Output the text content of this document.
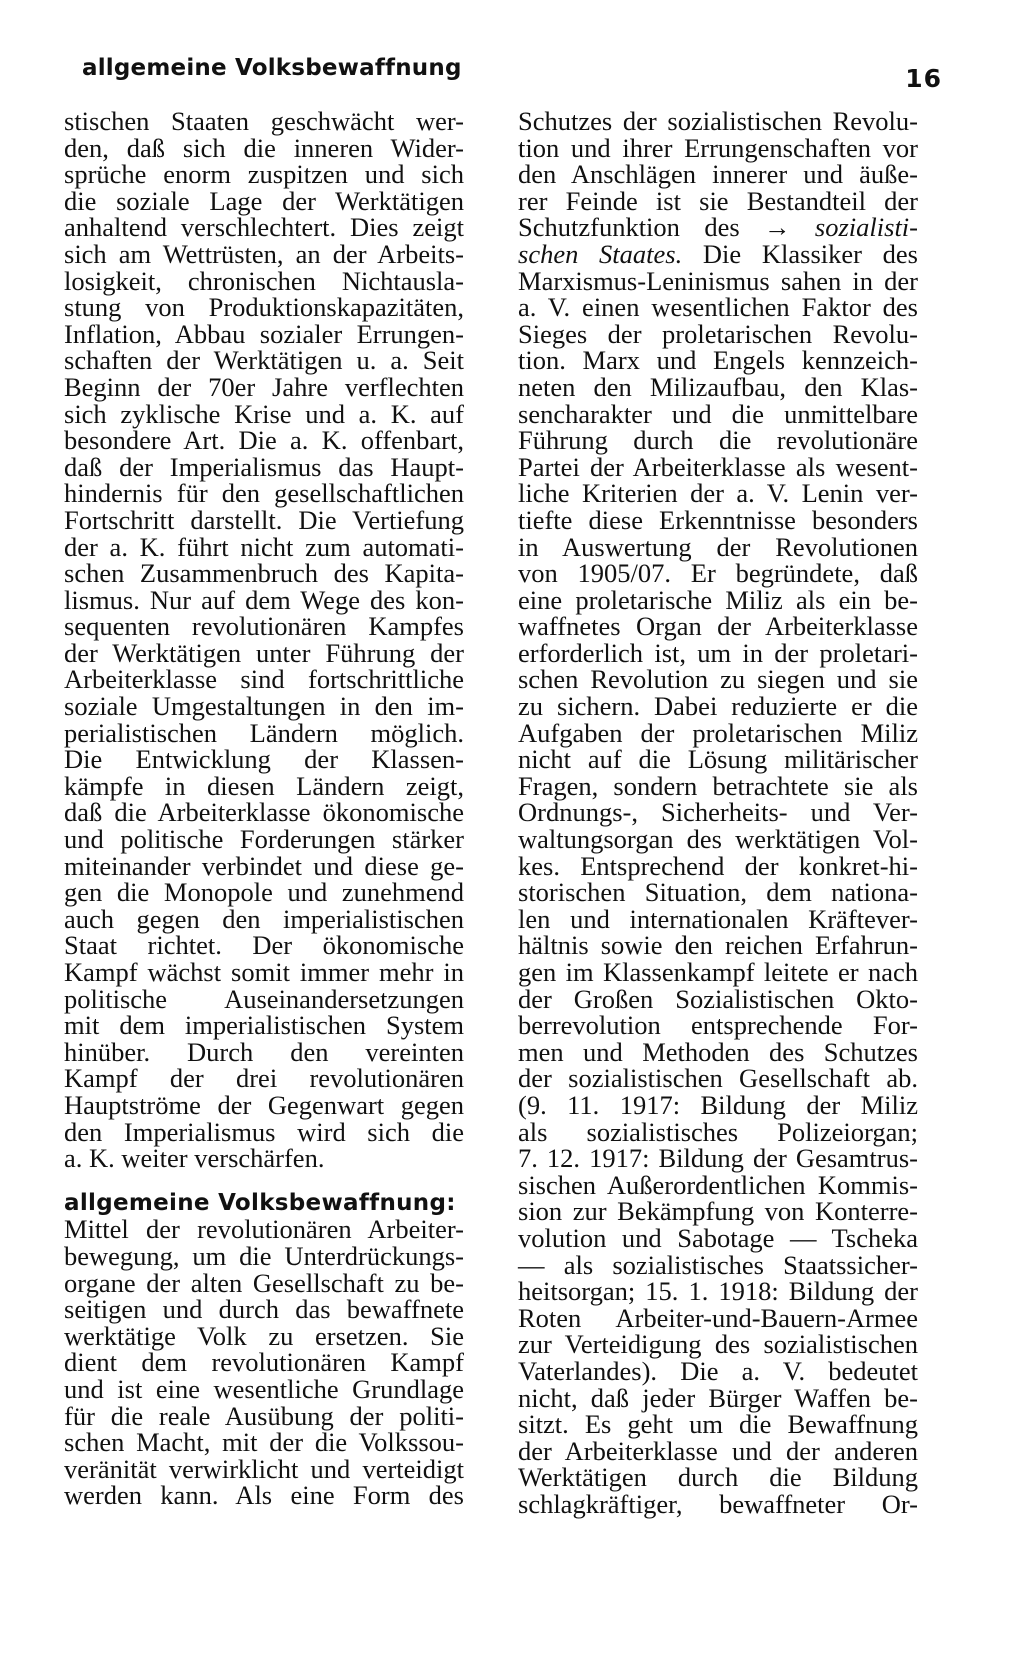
allgemeine Volksbewaffnung	16
stischen Staaten geschwächt wer-
den, daß sich die inneren Wider-
sprüche enorm zuspitzen und sich
die soziale Lage der Werktätigen
anhaltend verschlechtert. Dies zeigt
sich am Wettrüsten, an der Arbeits-
losigkeit, chronischen Nichtausla-
stung von Produktionskapazitäten,
Inflation, Abbau sozialer Errungen-
schaften der Werktätigen u. a. Seit
Beginn der 70er Jahre verflechten
sich zyklische Krise und a. K. auf
besondere Art. Die a. K. offenbart,
daß der Imperialismus das Haupt-
hindernis für den gesellschaftlichen
Fortschritt darstellt. Die Vertiefung
der a. K. führt nicht zum automati-
schen Zusammenbruch des Kapita-
lismus. Nur auf dem Wege des kon-
sequenten revolutionären Kampfes
der Werktätigen unter Führung der
Arbeiterklasse sind fortschrittliche
soziale Umgestaltungen in den im-
perialistischen Ländern möglich.
Die Entwicklung der Klassen-
kämpfe in diesen Ländern zeigt,
daß die Arbeiterklasse ökonomische
und politische Forderungen stärker
miteinander verbindet und diese ge-
gen die Monopole und zunehmend
auch gegen den imperialistischen
Staat richtet. Der ökonomische
Kampf wächst somit immer mehr in
politische Auseinandersetzungen
mit dem imperialistischen System
hinüber. Durch den vereinten
Kampf der drei revolutionären
Hauptströme der Gegenwart gegen
den Imperialismus wird sich die
a. K. weiter verschärfen.
allgemeine Volksbewaffnung:
Mittel der revolutionären Arbeiter-
bewegung, um die Unterdrückungs-
organe der alten Gesellschaft zu be-
seitigen und durch das bewaffnete
werktätige Volk zu ersetzen. Sie
dient dem revolutionären Kampf
und ist eine wesentliche Grundlage
für die reale Ausübung der politi-
schen Macht, mit der die Volkssou-
veränität verwirklicht und verteidigt
werden kann. Als eine Form des
Schutzes der sozialistischen Revolu-
tion und ihrer Errungenschaften vor
den Anschlägen innerer und äuße-
rer Feinde ist sie Bestandteil der
Schutzfunktion des → sozialisti-
schen Staates. Die Klassiker des
Marxismus-Leninismus sahen in der
a. V. einen wesentlichen Faktor des
Sieges der proletarischen Revolu-
tion. Marx und Engels kennzeich-
neten den Milizaufbau, den Klas-
sencharakter und die unmittelbare
Führung durch die revolutionäre
Partei der Arbeiterklasse als wesent-
liche Kriterien der a. V. Lenin ver-
tiefte diese Erkenntnisse besonders
in Auswertung der Revolutionen
von 1905/07. Er begründete, daß
eine proletarische Miliz als ein be-
waffnetes Organ der Arbeiterklasse
erforderlich ist, um in der proletari-
schen Revolution zu siegen und sie
zu sichern. Dabei reduzierte er die
Aufgaben der proletarischen Miliz
nicht auf die Lösung militärischer
Fragen, sondern betrachtete sie als
Ordnungs-, Sicherheits- und Ver-
waltungsorgan des werktätigen Vol-
kes. Entsprechend der konkret-hi-
storischen Situation, dem nationa-
len und internationalen Kräftever-
hältnis sowie den reichen Erfahrun-
gen im Klassenkampf leitete er nach
der Großen Sozialistischen Okto-
berrevolution entsprechende For-
men und Methoden des Schutzes
der sozialistischen Gesellschaft ab.
(9. 11. 1917: Bildung der Miliz
als sozialistisches Polizeiorgan;
7. 12. 1917: Bildung der Gesamtrus-
sischen Außerordentlichen Kommis-
sion zur Bekämpfung von Konterre-
volution und Sabotage — Tscheka
— als sozialistisches Staatssicher-
heitsorgan; 15. 1. 1918: Bildung der
Roten Arbeiter-und-Bauern-Armee
zur Verteidigung des sozialistischen
Vaterlandes). Die a. V. bedeutet
nicht, daß jeder Bürger Waffen be-
sitzt. Es geht um die Bewaffnung
der Arbeiterklasse und der anderen
Werktätigen durch die Bildung
schlagkräftiger, bewaffneter Or-
